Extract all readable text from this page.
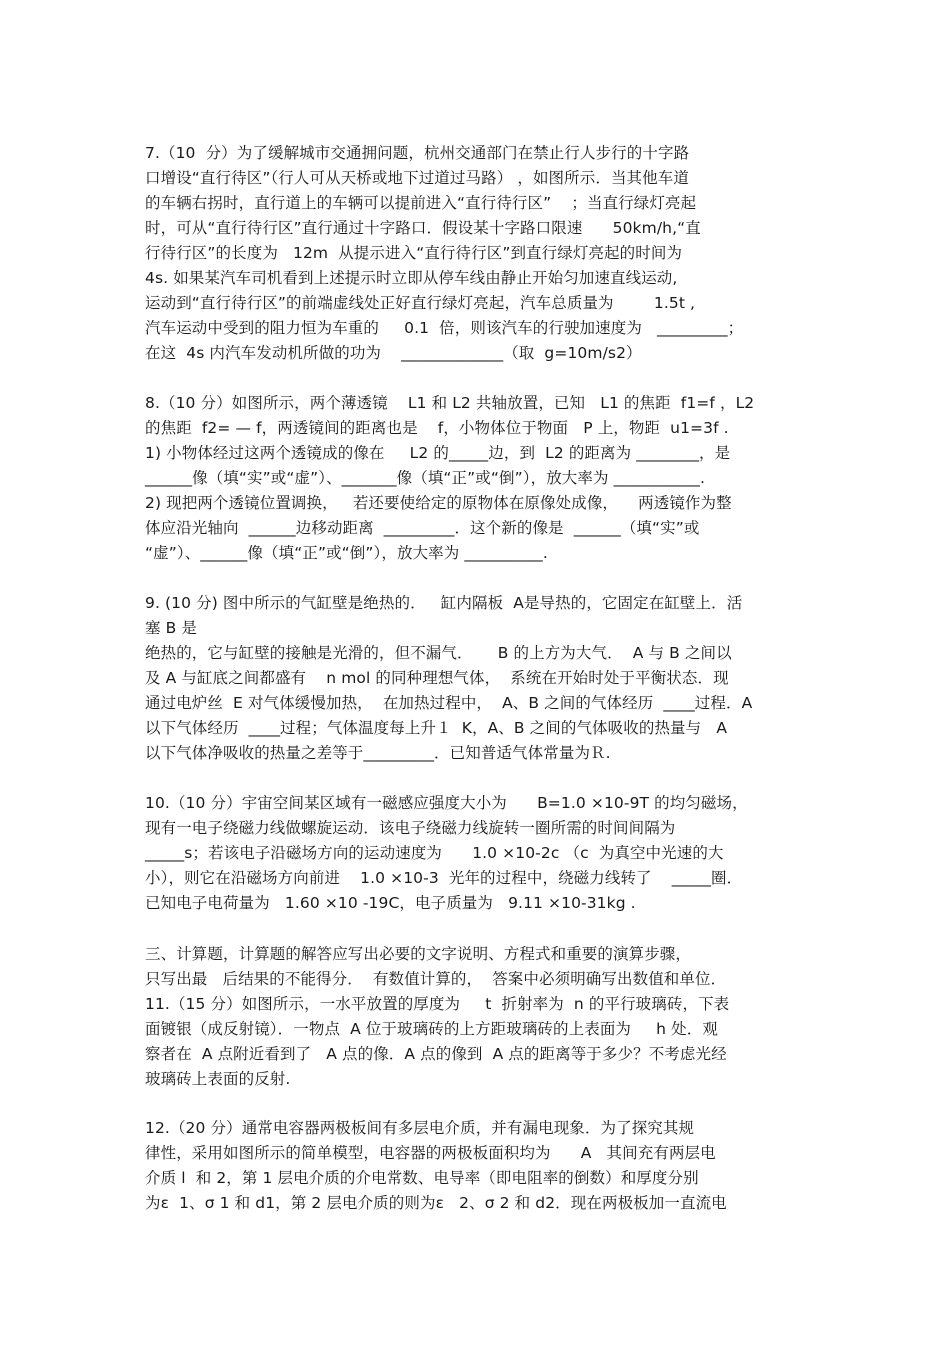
7.（10  分）为了缓解城市交通拥问题，杭州交通部门在禁止行人步行的十字路
口增设“直行待区”（行人可从天桥或地下过道过马路） ，如图所示．当其他车道
的车辆右拐时，直行道上的车辆可以提前进入“直行待行区”    ；当直行绿灯亮起
时，可从“直行待行区”直行通过十字路口．假设某十字路口限速      50km/h,“直
行待行区”的长度为   12m  从提示进入“直行待行区”到直行绿灯亮起的时间为
4s. 如果某汽车司机看到上述提示时立即从停车线由静止开始匀加速直线运动,
运动到“直行待行区”的前端虚线处正好直行绿灯亮起，汽车总质量为        1.5t ,
汽车运动中受到的阻力恒为车重的     0.1  倍，则该汽车的行驶加速度为   _________；
在这  4s 内汽车发动机所做的功为    _____________（取  g=10m/s2）
8.（10 分）如图所示，两个薄透镜    L1 和 L2 共轴放置，已知   L1 的焦距  f1=f ，L2
的焦距  f2= — f，两透镜间的距离也是    f，小物体位于物面   P 上，物距  u1=3f .
1) 小物体经过这两个透镜成的像在     L2 的_____边，到  L2 的距离为 ________，是
______像（填“实”或“虚”）、_______像（填“正”或“倒”），放大率为 ___________.
2) 现把两个透镜位置调换，   若还要使给定的原物体在原像处成像，    两透镜作为整
体应沿光轴向  ______边移动距离  _________．这个新的像是  ______（填“实”或
“虚”）、______像（填“正”或“倒”），放大率为 __________.
9. (10 分) 图中所示的气缸壁是绝热的．   缸内隔板  A是导热的，它固定在缸壁上．活
塞 B 是
绝热的，它与缸壁的接触是光滑的，但不漏气．     B 的上方为大气．  A 与 B 之间以
及 A 与缸底之间都盛有    n mol 的同种理想气体，  系统在开始时处于平衡状态．现
通过电炉丝  E 对气体缓慢加热，  在加热过程中，  A、B 之间的气体经历  ____过程．A
以下气体经历  ____过程；气体温度每上升１  K，A、B 之间的气体吸收的热量与   A
以下气体净吸收的热量之差等于_________．已知普适气体常量为Ｒ.
10.（10 分）宇宙空间某区域有一磁感应强度大小为      B=1.0 ×10-9T 的均匀磁场，
现有一电子绕磁力线做螺旋运动．该电子绕磁力线旋转一圈所需的时间间隔为
_____s；若该电子沿磁场方向的运动速度为      1.0 ×10-2c （c  为真空中光速的大
小），则它在沿磁场方向前进    1.0 ×10-3  光年的过程中，绕磁力线转了    _____圈．
已知电子电荷量为   1.60 ×10 -19C，电子质量为   9.11 ×10-31kg .
三、计算题，计算题的解答应写出必要的文字说明、方程式和重要的演算步骤，
只写出最   后结果的不能得分．  有数值计算的，  答案中必须明确写出数值和单位．
11.（15 分）如图所示，一水平放置的厚度为     t  折射率为  n 的平行玻璃砖，下表
面镀银（成反射镜）．一物点  A 位于玻璃砖的上方距玻璃砖的上表面为     h 处．观
察者在  A 点附近看到了   A 点的像．A 点的像到  A 点的距离等于多少？不考虑光经
玻璃砖上表面的反射.
12.（20 分）通常电容器两极板间有多层电介质，并有漏电现象．为了探究其规
律性，采用如图所示的简单模型，电容器的两极板面积均为      A   其间充有两层电
介质 l  和 2，第 1 层电介质的介电常数、电导率（即电阻率的倒数）和厚度分别
为ε  1、σ 1 和 d1，第 2 层电介质的则为ε   2、σ 2 和 d2．现在两极板加一直流电
